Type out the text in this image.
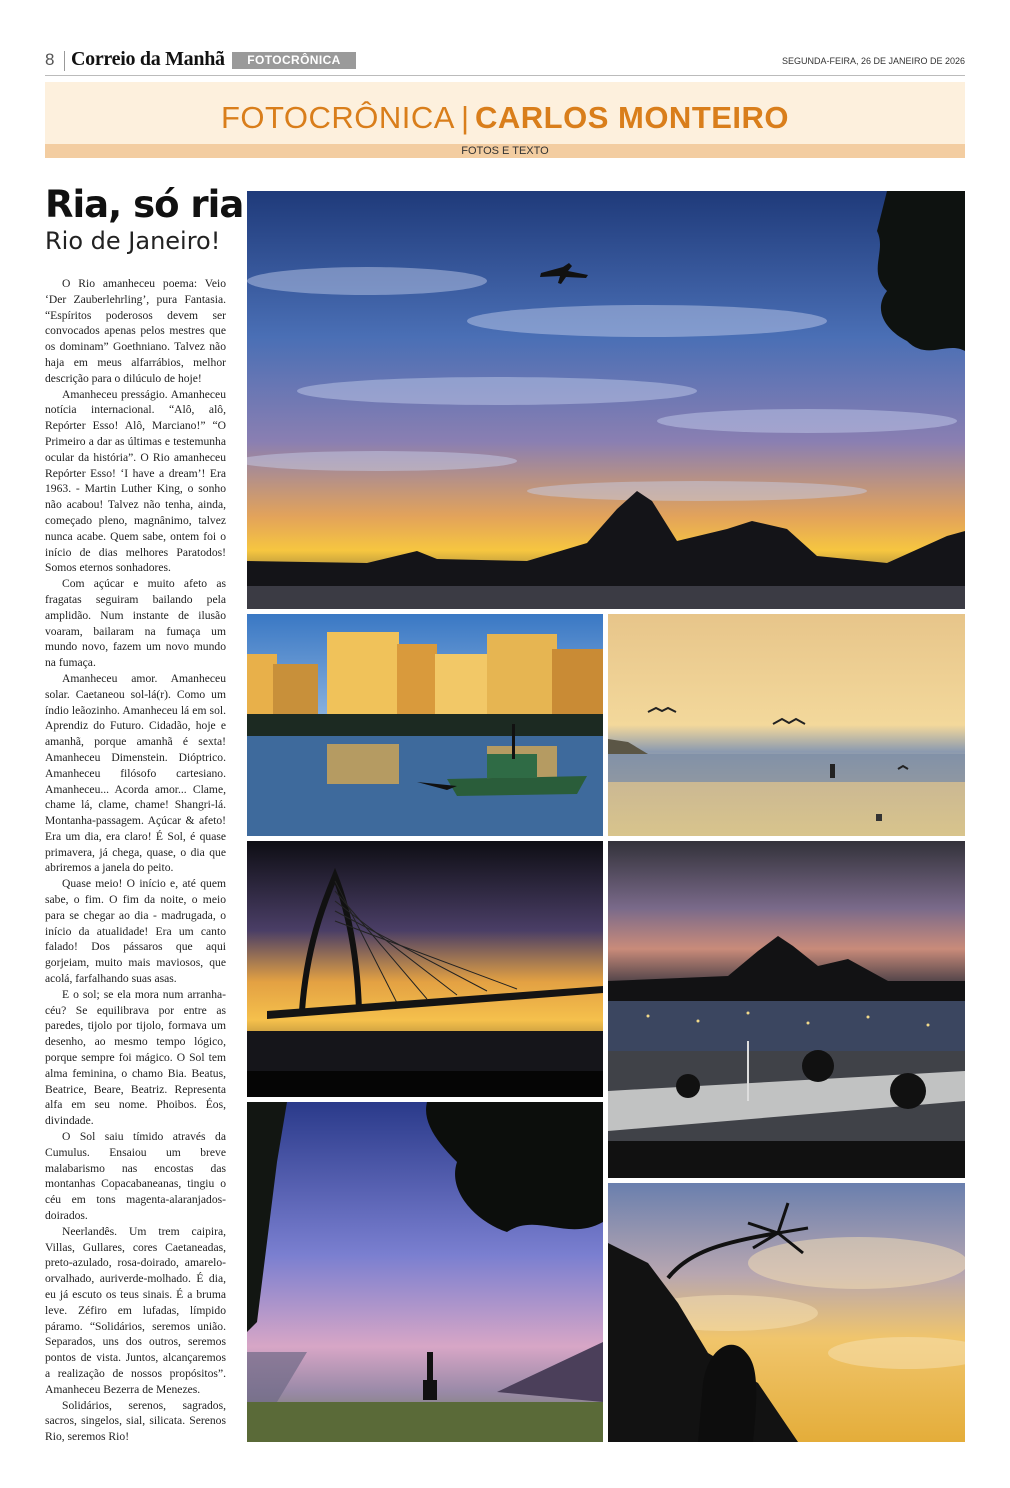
8 Correio da Manhã	FOTOCRÔNICA	SEGUNDA-FEIRA, 26 DE JANEIRO DE 2026
FOTOCRÔNICA | CARLOS MONTEIRO
FOTOS E TEXTO
Ria, só ria
Rio de Janeiro!

O Rio amanheceu poema: Veio ‘Der Zauberlehrling’, pura Fantasia. “Espíritos poderosos devem ser convocados apenas pelos mestres que os dominam” Goethniano. Talvez não haja em meus alfarrábios, melhor descrição para o dilúculo de hoje!

Amanheceu presságio. Amanheceu notícia internacional. “Alô, alô, Repórter Esso! Alô, Marciano!” “O Primeiro a dar as últimas e testemunha ocular da história”. O Rio amanheceu Repórter Esso! ‘I have a dream’! Era 1963. - Martin Luther King, o sonho não acabou! Talvez não tenha, ainda, começado pleno, magnânimo, talvez nunca acabe. Quem sabe, ontem foi o início de dias melhores Paratodos! Somos eternos sonhadores.

Com açúcar e muito afeto as fragatas seguiram bailando pela amplidão. Num instante de ilusão voaram, bailaram na fumaça um mundo novo, fazem um novo mundo na fumaça.

Amanheceu amor. Amanheceu solar. Caetaneou sol-lá(r). Como um índio leãozinho. Amanheceu lá em sol. Aprendiz do Futuro. Cidadão, hoje e amanhã, porque amanhã é sexta! Amanheceu Dimenstein. Dióptrico. Amanheceu filósofo cartesiano. Amanheceu... Acorda amor... Clame, chame lá, clame, chame! Shangri-lá. Montanha-passagem. Açúcar & afeto! Era um dia, era claro! É Sol, é quase primavera, já chega, quase, o dia que abriremos a janela do peito.

Quase meio! O início e, até quem sabe, o fim. O fim da noite, o meio para se chegar ao dia - madrugada, o início da atualidade! Era um canto falado! Dos pássaros que aqui gorjeiam, muito mais maviosos, que acolá, farfalhando suas asas.

E o sol; se ela mora num arranha-céu? Se equilibrava por entre as paredes, tijolo por tijolo, formava um desenho, ao mesmo tempo lógico, porque sempre foi mágico. O Sol tem alma feminina, o chamo Bia. Beatus, Beatrice, Beare, Beatriz. Representa alfa em seu nome. Phoibos. Éos, divindade.

O Sol saiu tímido através da Cumulus. Ensaiou um breve malabarismo nas encostas das montanhas Copacabaneanas, tingiu o céu em tons magenta-alaranjados-doirados.

Neerlandês. Um trem caipira, Villas, Gullares, cores Caetaneadas, preto-azulado, rosa-doirado, amarelo-orvalhado, auriverde-molhado. É dia, eu já escuto os teus sinais. É a bruma leve. Zéfiro em lufadas, límpido páramo. “Solidários, seremos união. Separados, uns dos outros, seremos pontos de vista. Juntos, alcançaremos a realização de nossos propósitos”. Amanheceu Bezerra de Menezes.

Solidários, serenos, sagrados, sacros, singelos, sial, silicata. Serenos Rio, seremos Rio!
